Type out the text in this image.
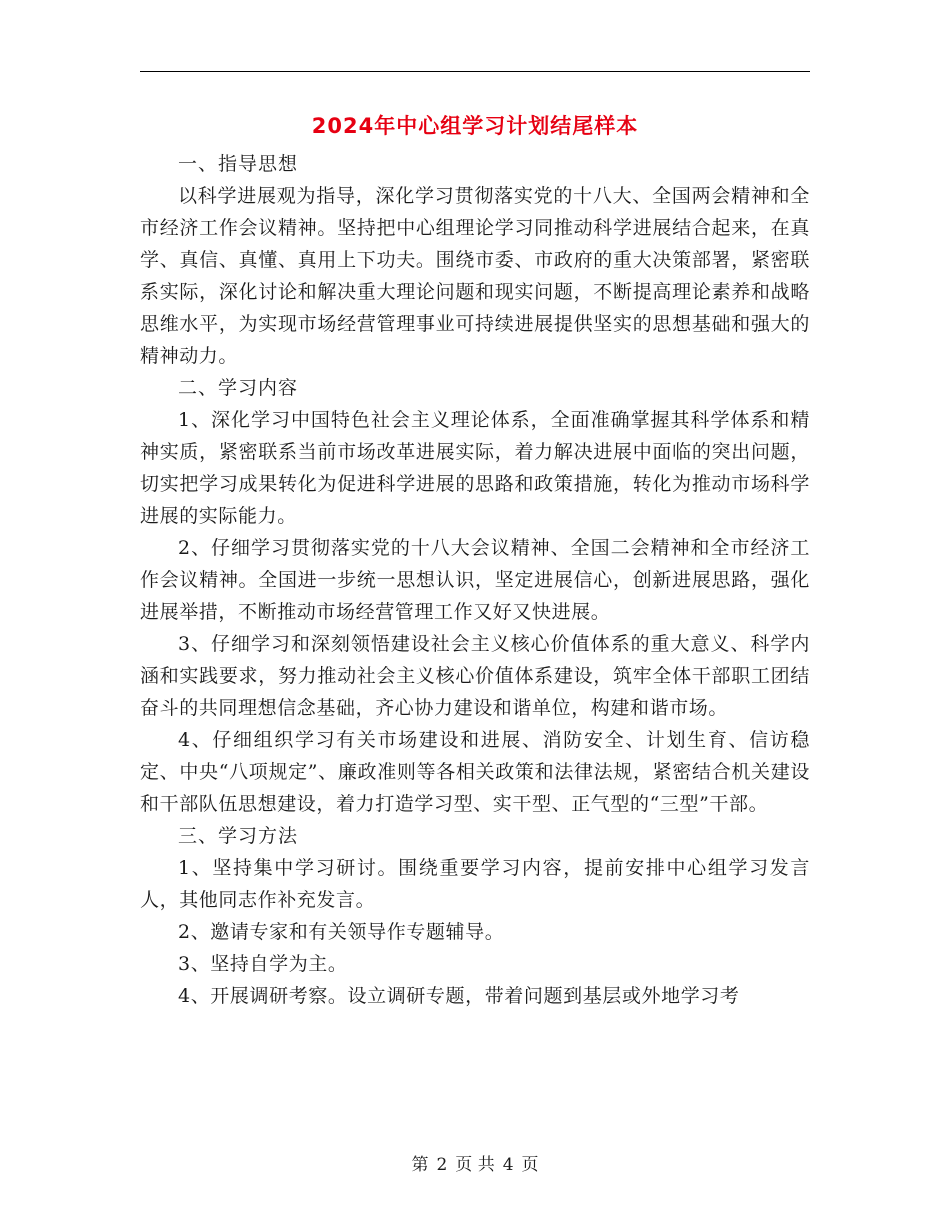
2024年中心组学习计划结尾样本

一、指导思想

以科学进展观为指导，深化学习贯彻落实党的十八大、全国两会精神和全市经济工作会议精神。坚持把中心组理论学习同推动科学进展结合起来，在真学、真信、真懂、真用上下功夫。围绕市委、市政府的重大决策部署，紧密联系实际，深化讨论和解决重大理论问题和现实问题，不断提高理论素养和战略思维水平，为实现市场经营管理事业可持续进展提供坚实的思想基础和强大的精神动力。

二、学习内容

1、深化学习中国特色社会主义理论体系，全面准确掌握其科学体系和精神实质，紧密联系当前市场改革进展实际，着力解决进展中面临的突出问题，切实把学习成果转化为促进科学进展的思路和政策措施，转化为推动市场科学进展的实际能力。

2、仔细学习贯彻落实党的十八大会议精神、全国二会精神和全市经济工作会议精神。全国进一步统一思想认识，坚定进展信心，创新进展思路，强化进展举措，不断推动市场经营管理工作又好又快进展。

3、仔细学习和深刻领悟建设社会主义核心价值体系的重大意义、科学内涵和实践要求，努力推动社会主义核心价值体系建设，筑牢全体干部职工团结奋斗的共同理想信念基础，齐心协力建设和谐单位，构建和谐市场。

4、仔细组织学习有关市场建设和进展、消防安全、计划生育、信访稳定、中央“八项规定”、廉政准则等各相关政策和法律法规，紧密结合机关建设和干部队伍思想建设，着力打造学习型、实干型、正气型的“三型”干部。

三、学习方法

1、坚持集中学习研讨。围绕重要学习内容，提前安排中心组学习发言人，其他同志作补充发言。

2、邀请专家和有关领导作专题辅导。

3、坚持自学为主。

4、开展调研考察。设立调研专题，带着问题到基层或外地学习考

第 2 页 共 4 页
